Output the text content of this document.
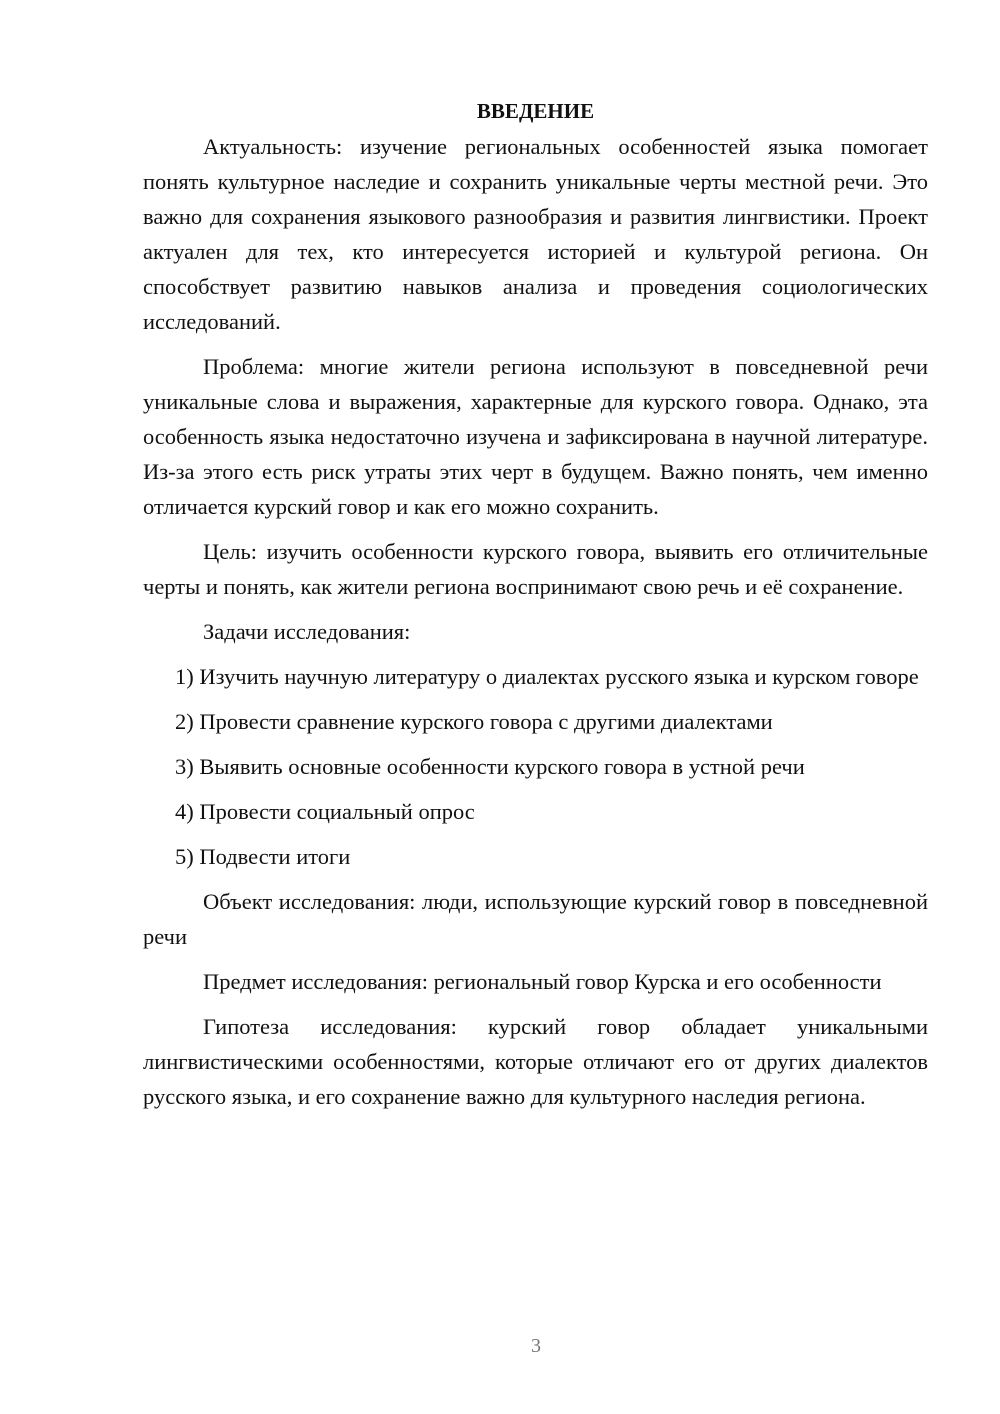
ВВЕДЕНИЕ

Актуальность: изучение региональных особенностей языка помогает понять культурное наследие и сохранить уникальные черты местной речи. Это важно для сохранения языкового разнообразия и развития лингвистики. Проект актуален для тех, кто интересуется историей и культурой региона. Он способствует развитию навыков анализа и проведения социологических исследований.

Проблема: многие жители региона используют в повседневной речи уникальные слова и выражения, характерные для курского говора. Однако, эта особенность языка недостаточно изучена и зафиксирована в научной литературе. Из-за этого есть риск утраты этих черт в будущем. Важно понять, чем именно отличается курский говор и как его можно сохранить.

Цель: изучить особенности курского говора, выявить его отличительные черты и понять, как жители региона воспринимают свою речь и её сохранение.

Задачи исследования:

1) Изучить научную литературу о диалектах русского языка и курском говоре

2) Провести сравнение курского говора с другими диалектами

3) Выявить основные особенности курского говора в устной речи

4) Провести социальный опрос

5) Подвести итоги

Объект исследования: люди, использующие курский говор в повседневной речи

Предмет исследования: региональный говор Курска и его особенности

Гипотеза исследования: курский говор обладает уникальными лингвистическими особенностями, которые отличают его от других диалектов русского языка, и его сохранение важно для культурного наследия региона.

3
